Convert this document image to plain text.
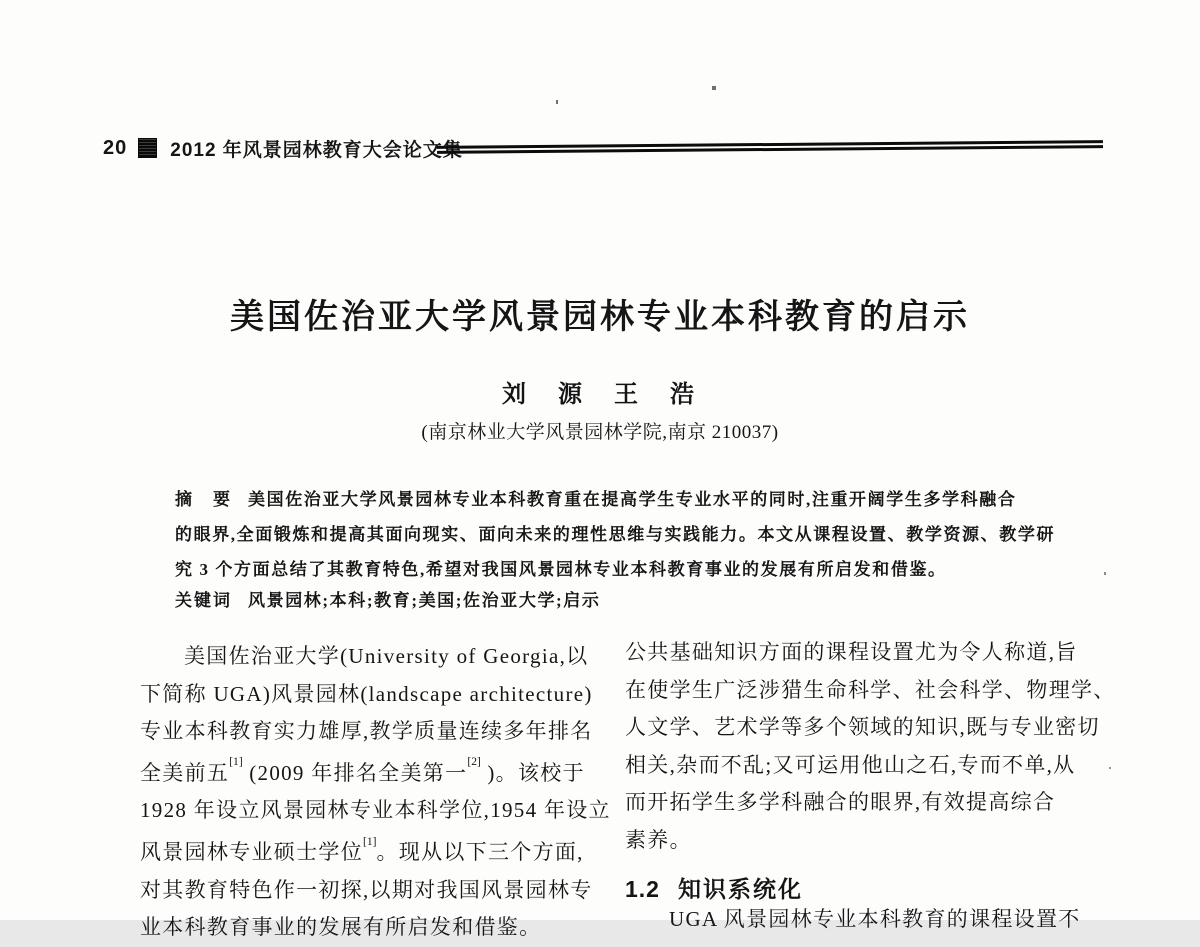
20 2012 年风景园林教育大会论文集
美国佐治亚大学风景园林专业本科教育的启示
刘　源　王　浩
(南京林业大学风景园林学院,南京 210037)
摘　要 美国佐治亚大学风景园林专业本科教育重在提高学生专业水平的同时,注重开阔学生多学科融合
的眼界,全面锻炼和提高其面向现实、面向未来的理性思维与实践能力。本文从课程设置、教学资源、教学研
究 3 个方面总结了其教育特色,希望对我国风景园林专业本科教育事业的发展有所启发和借鉴。
关键词 风景园林;本科;教育;美国;佐治亚大学;启示
美国佐治亚大学(University of Georgia,以
下简称 UGA)风景园林(landscape architecture)
专业本科教育实力雄厚,教学质量连续多年排名
全美前五[1] (2009 年排名全美第一[2] )。该校于
1928 年设立风景园林专业本科学位,1954 年设立
风景园林专业硕士学位[1]。现从以下三个方面,
对其教育特色作一初探,以期对我国风景园林专
业本科教育事业的发展有所启发和借鉴。
公共基础知识方面的课程设置尤为令人称道,旨
在使学生广泛涉猎生命科学、社会科学、物理学、
人文学、艺术学等多个领域的知识,既与专业密切
相关,杂而不乱;又可运用他山之石,专而不单,从
而开拓学生多学科融合的眼界,有效提高综合
素养。
1.2 知识系统化
UGA 风景园林专业本科教育的课程设置不
